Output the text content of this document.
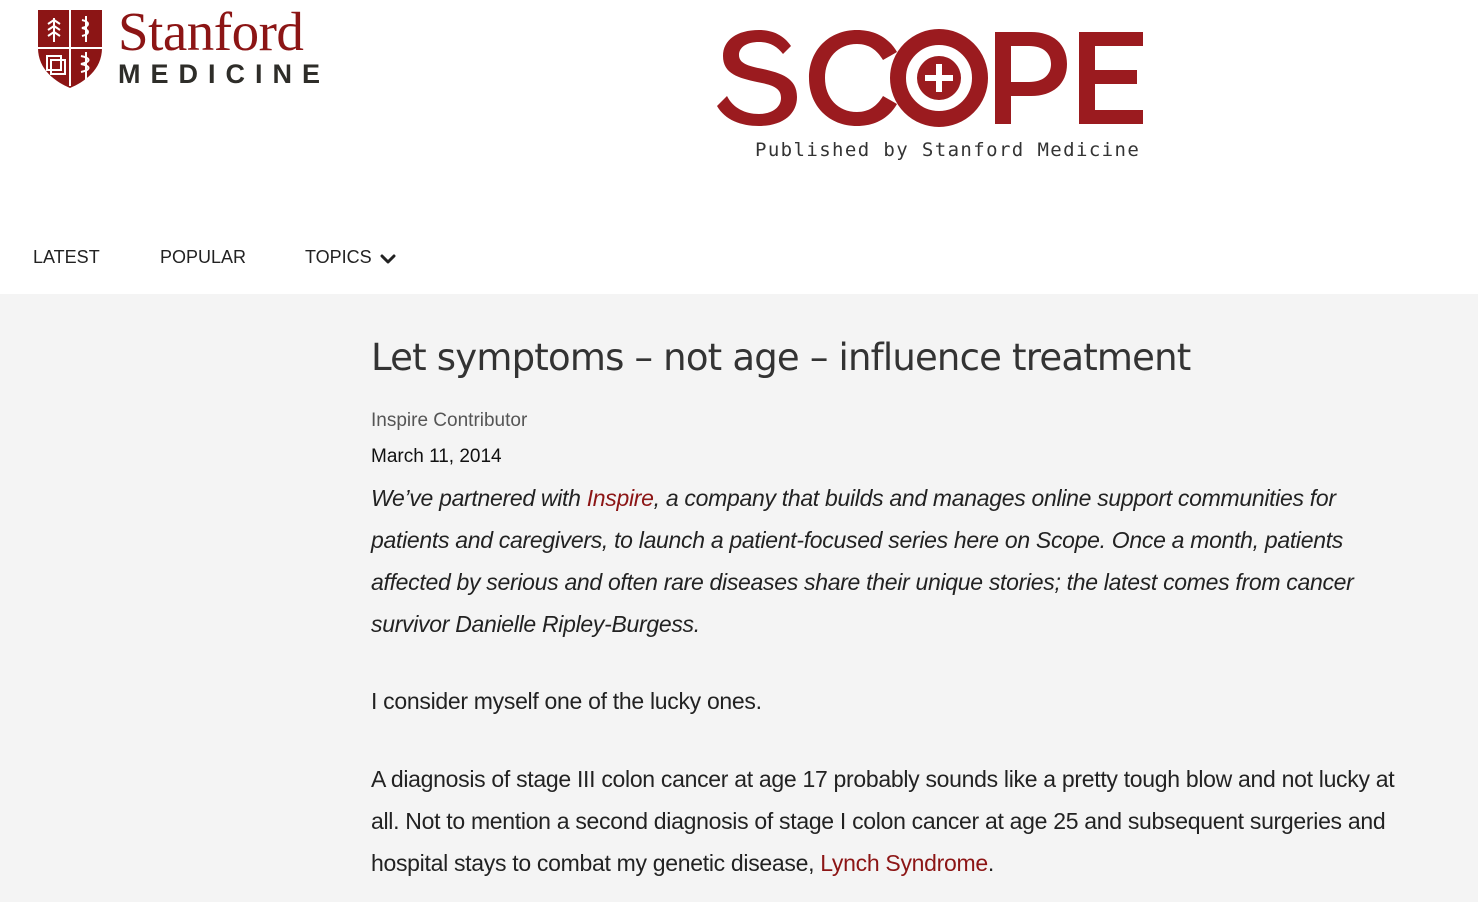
Stanford
MEDICINE
Published by Stanford Medicine
LATEST	POPULAR	TOPICS
Let symptoms – not age – influence treatment
Inspire Contributor
March 11, 2014

We’ve partnered with Inspire, a company that builds and manages online support communities for patients and caregivers, to launch a patient-focused series here on Scope. Once a month, patients affected by serious and often rare diseases share their unique stories; the latest comes from cancer survivor Danielle Ripley-Burgess.

I consider myself one of the lucky ones.

A diagnosis of stage III colon cancer at age 17 probably sounds like a pretty tough blow and not lucky at all. Not to mention a second diagnosis of stage I colon cancer at age 25 and subsequent surgeries and hospital stays to combat my genetic disease, Lynch Syndrome.
